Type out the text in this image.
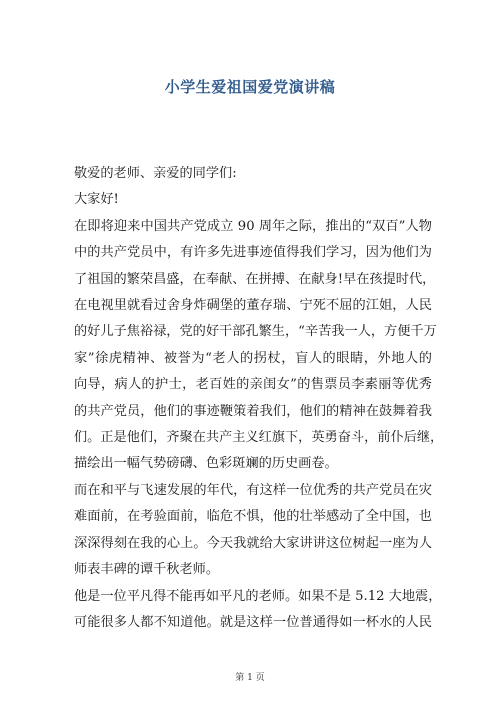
小学生爱祖国爱党演讲稿

敬爱的老师、亲爱的同学们:

大家好!

在即将迎来中国共产党成立 90 周年之际，推出的“双百”人物
中的共产党员中，有许多先进事迹值得我们学习，因为他们为
了祖国的繁荣昌盛，在奉献、在拼搏、在献身!早在孩提时代，
在电视里就看过舍身炸碉堡的董存瑞、宁死不屈的江姐，人民
的好儿子焦裕禄，党的好干部孔繁生，“辛苦我一人，方便千万
家”徐虎精神、被誉为“老人的拐杖，盲人的眼睛，外地人的
向导，病人的护士，老百姓的亲闺女”的售票员李素丽等优秀
的共产党员，他们的事迹鞭策着我们，他们的精神在鼓舞着我
们。正是他们，齐聚在共产主义红旗下，英勇奋斗，前仆后继，
描绘出一幅气势磅礴、色彩斑斓的历史画卷。

而在和平与飞速发展的年代，有这样一位优秀的共产党员在灾
难面前，在考验面前，临危不惧，他的壮举感动了全中国，也
深深得刻在我的心上。今天我就给大家讲讲这位树起一座为人
师表丰碑的谭千秋老师。

他是一位平凡得不能再如平凡的老师。如果不是 5.12 大地震，
可能很多人都不知道他。就是这样一位普通得如一杯水的人民

第 1 页
